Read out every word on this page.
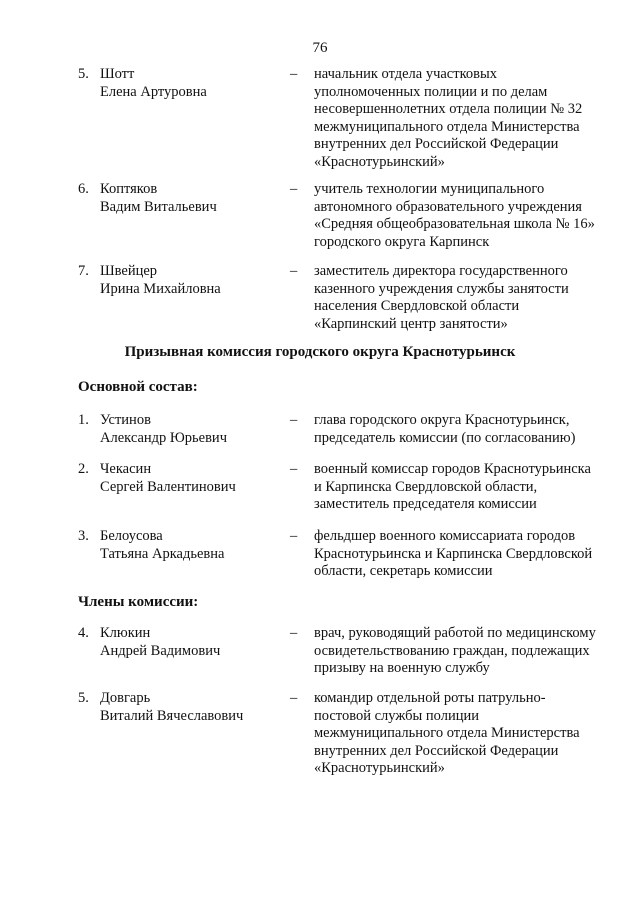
76
5. Шотт
Елена Артуровна
–	начальник отдела участковых
уполномоченных полиции и по делам
несовершеннолетних отдела полиции № 32
межмуниципального отдела Министерства
внутренних дел Российской Федерации
«Краснотурьинский»
6. Коптяков
Вадим Витальевич
–	учитель технологии муниципального
автономного образовательного учреждения
«Средняя общеобразовательная школа № 16»
городского округа Карпинск
7. Швейцер
Ирина Михайловна
–	заместитель директора государственного
казенного учреждения службы занятости
населения Свердловской области
«Карпинский центр занятости»
Призывная комиссия городского округа Краснотурьинск
Основной состав:
1. Устинов
Александр Юрьевич
–	глава городского округа Краснотурьинск,
председатель комиссии (по согласованию)
2. Чекасин
Сергей Валентинович
–	военный комиссар городов Краснотурьинска
и Карпинска Свердловской области,
заместитель председателя комиссии
3. Белоусова
Татьяна Аркадьевна
–	фельдшер военного комиссариата городов
Краснотурьинска и Карпинска Свердловской
области, секретарь комиссии
Члены комиссии:
4. Клюкин
Андрей Вадимович
–	врач, руководящий работой по медицинскому
освидетельствованию граждан, подлежащих
призыву на военную службу
5. Довгарь
Виталий Вячеславович
–	командир отдельной роты патрульно-
постовой службы полиции
межмуниципального отдела Министерства
внутренних дел Российской Федерации
«Краснотурьинский»
